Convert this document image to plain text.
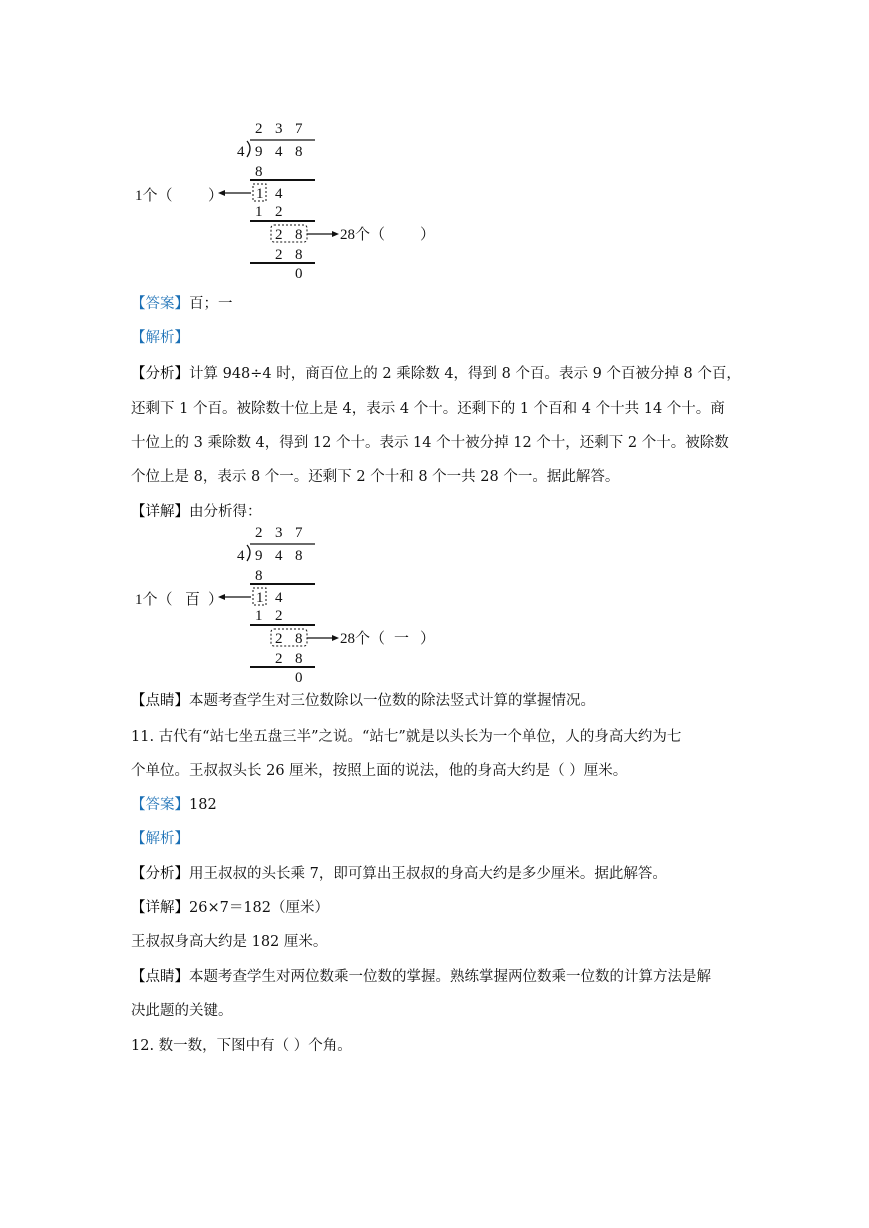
2 3 7
4 9 4 8
8
1 4
1个（ ）
1 2
2 8	28个（ ）
2 8
0

【答案】百；一

【解析】

【分析】计算 948÷4 时，商百位上的 2 乘除数 4，得到 8 个百。表示 9 个百被分掉 8 个百，

还剩下 1 个百。被除数十位上是 4，表示 4 个十。还剩下的 1 个百和 4 个十共 14 个十。商

十位上的 3 乘除数 4，得到 12 个十。表示 14 个十被分掉 12 个十，还剩下 2 个十。被除数

个位上是 8，表示 8 个一。还剩下 2 个十和 8 个一共 28 个一。据此解答。

【详解】由分析得：

2 3 7
4 9 4 8
8
1 4
1个（ 百 ）
1 2
2 8	28个（ 一 ）
2 8
0

【点睛】本题考查学生对三位数除以一位数的除法竖式计算的掌握情况。

11. 古代有“站七坐五盘三半”之说。“站七”就是以头长为一个单位，人的身高大约为七

个单位。王叔叔头长 26 厘米，按照上面的说法，他的身高大约是（ ）厘米。

【答案】182

【解析】

【分析】用王叔叔的头长乘 7，即可算出王叔叔的身高大约是多少厘米。据此解答。

【详解】26×7＝182（厘米）

王叔叔身高大约是 182 厘米。

【点睛】本题考查学生对两位数乘一位数的掌握。熟练掌握两位数乘一位数的计算方法是解

决此题的关键。

12. 数一数，下图中有（ ）个角。
